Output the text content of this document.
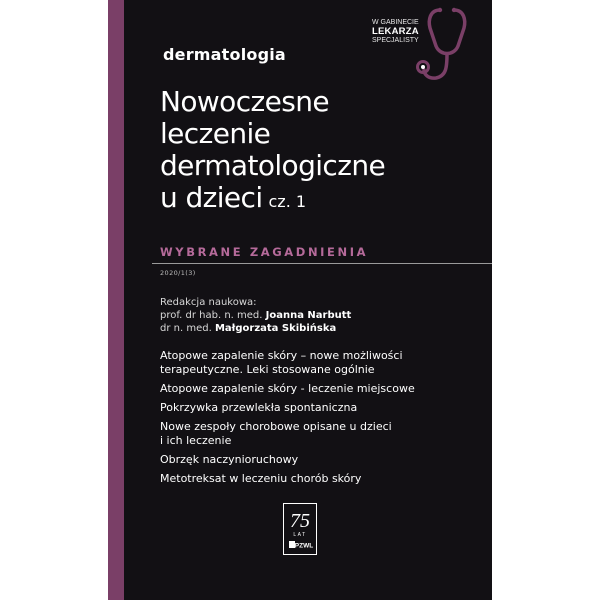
dermatologia
W GABINECIE
LEKARZA
SPECJALISTY
Nowoczesne
leczenie
dermatologiczne
u dzieci cz. 1
WYBRANE ZAGADNIENIA
2020/1(3)
Redakcja naukowa:
prof. dr hab. n. med. Joanna Narbutt
dr n. med. Małgorzata Skibińska
Atopowe zapalenie skóry – nowe możliwości
terapeutyczne. Leki stosowane ogólnie
Atopowe zapalenie skóry - leczenie miejscowe
Pokrzywka przewlekła spontaniczna
Nowe zespoły chorobowe opisane u dzieci
i ich leczenie
Obrzęk naczynioruchowy
Metotreksat w leczeniu chorób skóry
75
LAT
PZWL
